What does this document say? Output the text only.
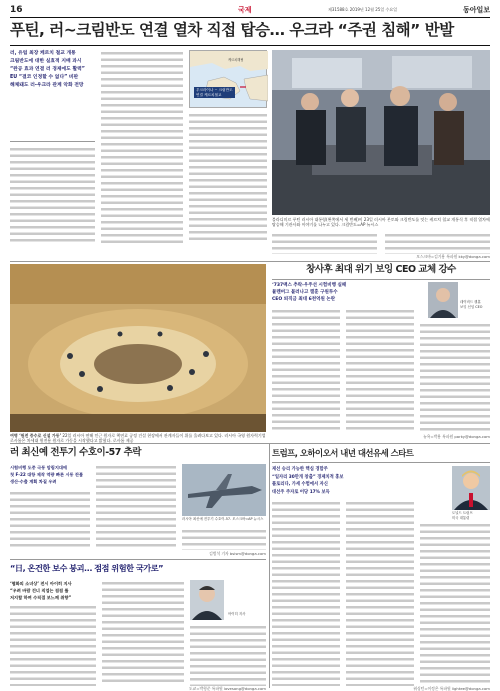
16	국제	제31588호 2019년 12월 25일 수요일	동아일보
푸틴, 러~크림반도 연결 열차 직접 탑승… 우크라 “주권 침해” 반발
러, 유럽 최장 케르치 철교 개통
크림반도에 대한 실효적 지배 과시
“완공 효과 연결 러 경제에도 활력”
EU “결코 인정할 수 없다” 비판
해체돼도 러-우크라 관계 악화 전망
우크라이나 ~ 크림반도
연결 케르치철교
케르치해협
블라디미르 푸틴 러시아 대통령(왼쪽에서 세 번째)이 23일 러시아 본토와 크림반도를 잇는 케르치 철교 개통식 후 직접 열차에 탑승해 기관사와 이야기를 나누고 있다. 크림반도=AP 뉴시스
모스크바=김기용 특파원 kky@donga.com
창사후 최대 위기 보잉 CEO 교체 강수
여명 ‘원전 증수로 신설 가동’ 22일 러시아 연해 인근 원자로 핵연료 공정 건설 현장에서 관계자들이 위를 올려다보고 있다. 러시아 국영 원자력기업 로사톰은 차세대 원전용 원자로 가동을 시작했다고 밝혔다. 로사톰 제공
‘737맥스 추락-우주선 시험비행 실패
뮬렌버그 불러나고 캘훈 구원투수
CEO 퇴직금 최대 6천억원 논란	데이비드 캘훈
보잉 신임 CEO
뉴욕=박용 특파원 parky@donga.com
러 최신예 전투기 수호이-57 추락
시험비행 도중 극동 암림지대에
첫 F-22 대항 제작 역량 빠른 시동 잔불
생산·수출 계획 차질 우려
러시아 최신예 전투기 수호이-57. 모스크바=AP 뉴시스
김범석 기자 bsism@donga.com
“日, 온건한 보수 붕괴… 점점 위험한 국가로”
‘협화의 소녀상’ 전시 아이히 지사
“우려 바람 건너 직업는 점점 틀
저지할 하며 수직접 보느께 취향”
아이히 지사
도쿄=박형준 특파원 lovesong@donga.com
트럼프, 오하이오서 내년 대선유세 스타트
재선 승리 가능한 핵심 경합주
“일자리 30만개 창출” 경제치적 홍보
플로리다, 가세 수험에서 자신
대선주 주자로 어당 17% 보득
도널드 트럼프
미국 대통령
워싱턴=이정은 특파원 lightee@donga.com
